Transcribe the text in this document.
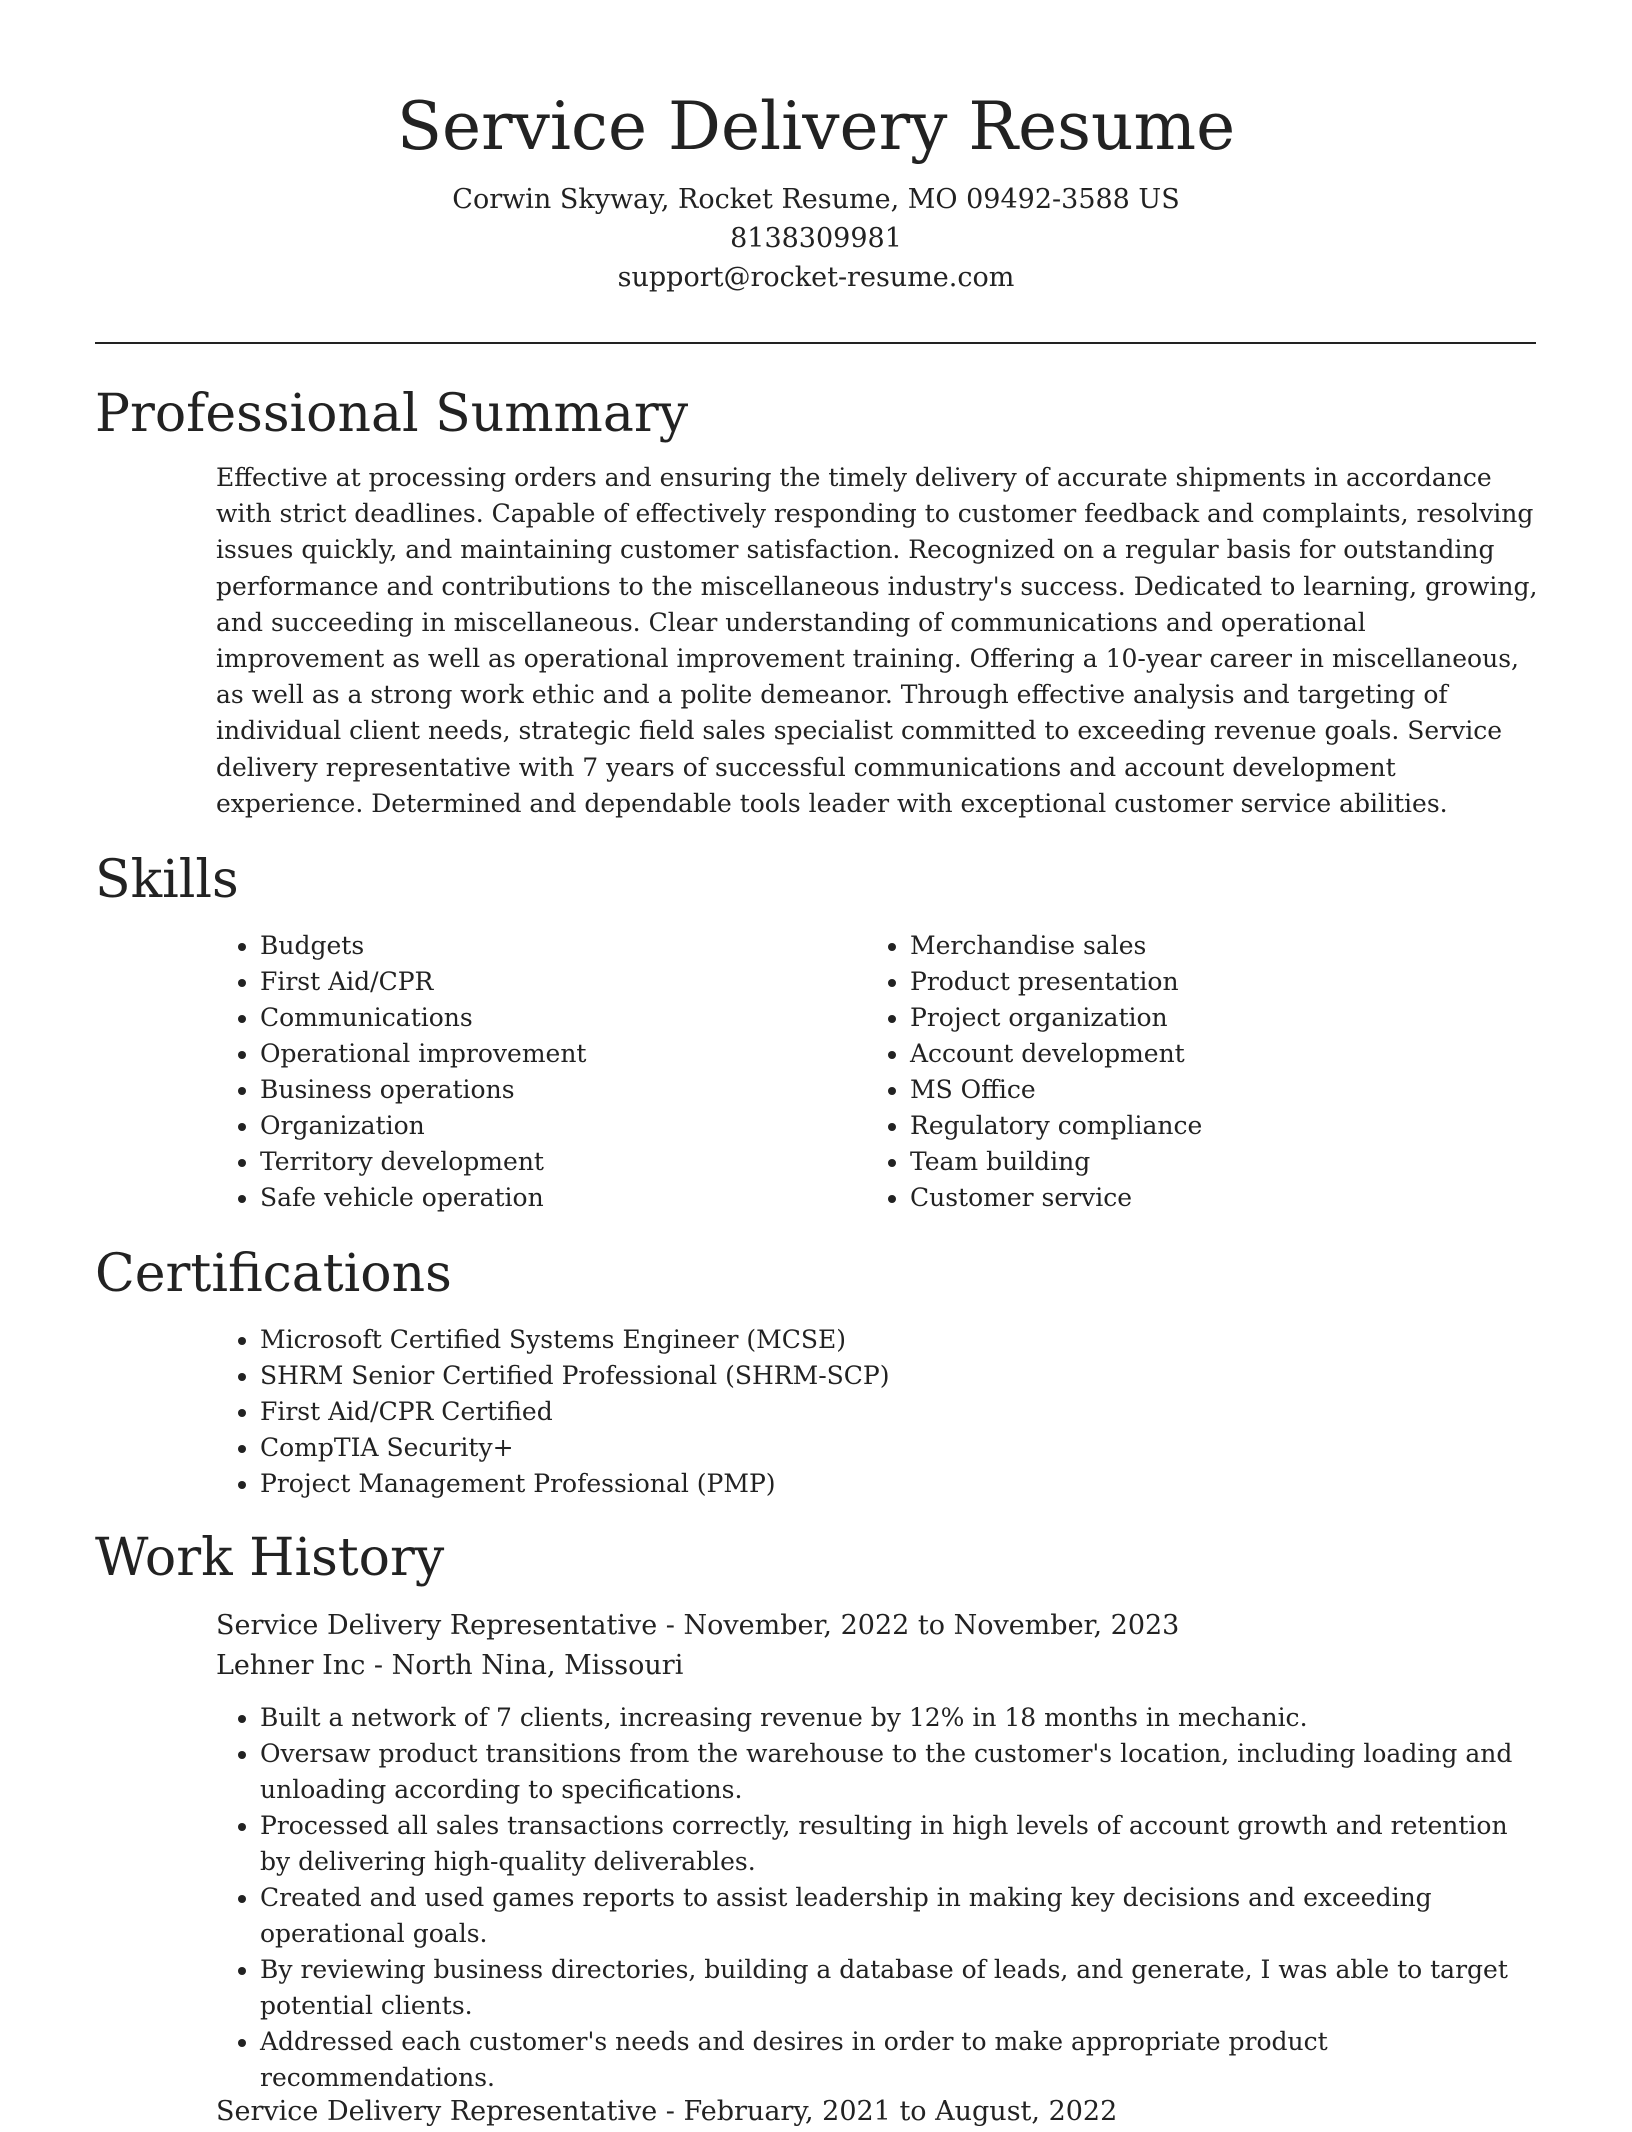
Service Delivery Resume

Corwin Skyway, Rocket Resume, MO 09492-3588 US

8138309981

support@rocket-resume.com

Professional Summary

Effective at processing orders and ensuring the timely delivery of accurate shipments in accordance with strict deadlines. Capable of effectively responding to customer feedback and complaints, resolving issues quickly, and maintaining customer satisfaction. Recognized on a regular basis for outstanding performance and contributions to the miscellaneous industry's success. Dedicated to learning, growing, and succeeding in miscellaneous. Clear understanding of communications and operational improvement as well as operational improvement training. Offering a 10-year career in miscellaneous, as well as a strong work ethic and a polite demeanor. Through effective analysis and targeting of individual client needs, strategic field sales specialist committed to exceeding revenue goals. Service delivery representative with 7 years of successful communications and account development experience. Determined and dependable tools leader with exceptional customer service abilities.

Skills
• Budgets
• First Aid/CPR
• Communications
• Operational improvement
• Business operations
• Organization
• Territory development
• Safe vehicle operation
• Merchandise sales
• Product presentation
• Project organization
• Account development
• MS Office
• Regulatory compliance
• Team building
• Customer service
Certifications
• Microsoft Certified Systems Engineer (MCSE)
• SHRM Senior Certified Professional (SHRM-SCP)
• First Aid/CPR Certified
• CompTIA Security+
• Project Management Professional (PMP)
Work History

Service Delivery Representative - November, 2022 to November, 2023

Lehner Inc - North Nina, Missouri

• Built a network of 7 clients, increasing revenue by 12% in 18 months in mechanic.
• Oversaw product transitions from the warehouse to the customer's location, including loading and unloading according to specifications.
• Processed all sales transactions correctly, resulting in high levels of account growth and retention by delivering high-quality deliverables.
• Created and used games reports to assist leadership in making key decisions and exceeding operational goals.
• By reviewing business directories, building a database of leads, and generate, I was able to target potential clients.
• Addressed each customer's needs and desires in order to make appropriate product recommendations.

Service Delivery Representative - February, 2021 to August, 2022
